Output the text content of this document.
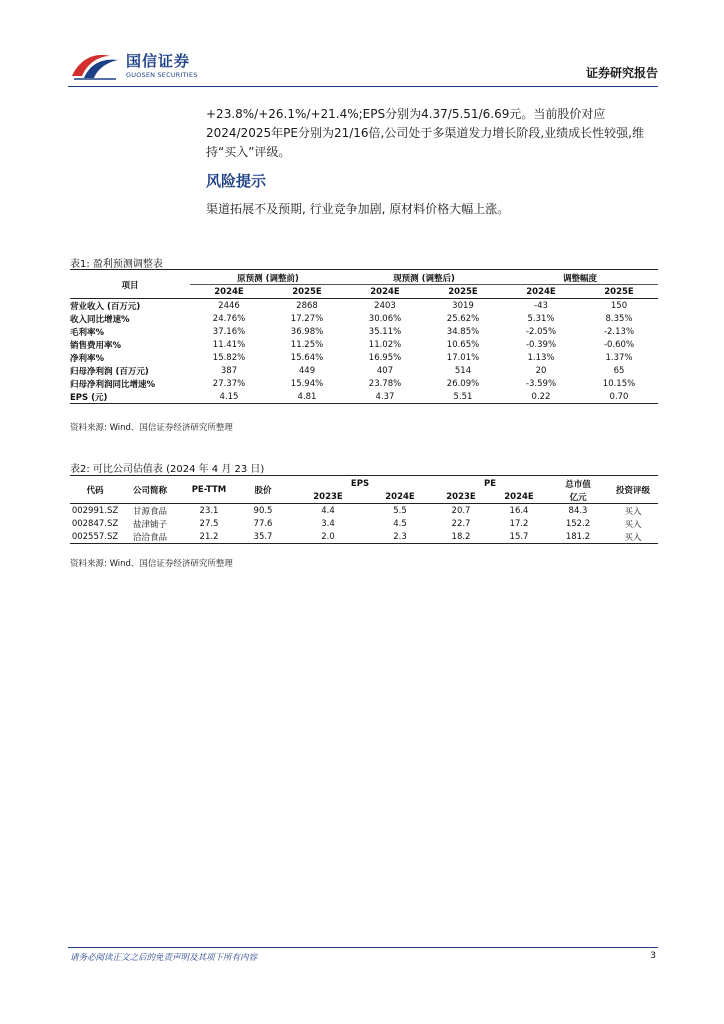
国信证券
GUOSEN SECURITIES	证券研究报告
+23.8%/+26.1%/+21.4%;EPS分别为4.37/5.51/6.69元。当前股价对应2024/2025年PE分别为21/16倍,公司处于多渠道发力增长阶段,业绩成长性较强,维持“买入”评级。
风险提示
渠道拓展不及预期, 行业竞争加剧, 原材料价格大幅上涨。
表1: 盈利预测调整表
项目	原预测 (调整前)		现预测 (调整后)		调整幅度	
	2024E	2025E	2024E	2025E	2024E	2025E
营业收入 (百万元)	2446	2868	2403	3019	-43	150
收入同比增速%	24.76%	17.27%	30.06%	25.62%	5.31%	8.35%
毛利率%	37.16%	36.98%	35.11%	34.85%	-2.05%	-2.13%
销售费用率%	11.41%	11.25%	11.02%	10.65%	-0.39%	-0.60%
净利率%	15.82%	15.64%	16.95%	17.01%	1.13%	1.37%
归母净利润 (百万元)	387	449	407	514	20	65
归母净利润同比增速%	27.37%	15.94%	23.78%	26.09%	-3.59%	10.15%
EPS (元)	4.15	4.81	4.37	5.51	0.22	0.70
资料来源: Wind、国信证券经济研究所整理
表2: 可比公司估值表 (2024 年 4 月 23 日)
代码	公司简称	PE-TTM	股价	EPS		PE		总市值	投资评级
				2023E	2024E	2023E	2024E	亿元	
002991.SZ	甘源食品	23.1	90.5	4.4	5.5	20.7	16.4	84.3	买入
002847.SZ	盐津铺子	27.5	77.6	3.4	4.5	22.7	17.2	152.2	买入
002557.SZ	洽洽食品	21.2	35.7	2.0	2.3	18.2	15.7	181.2	买入
资料来源: Wind、国信证券经济研究所整理
请务必阅读正文之后的免责声明及其项下所有内容	3
